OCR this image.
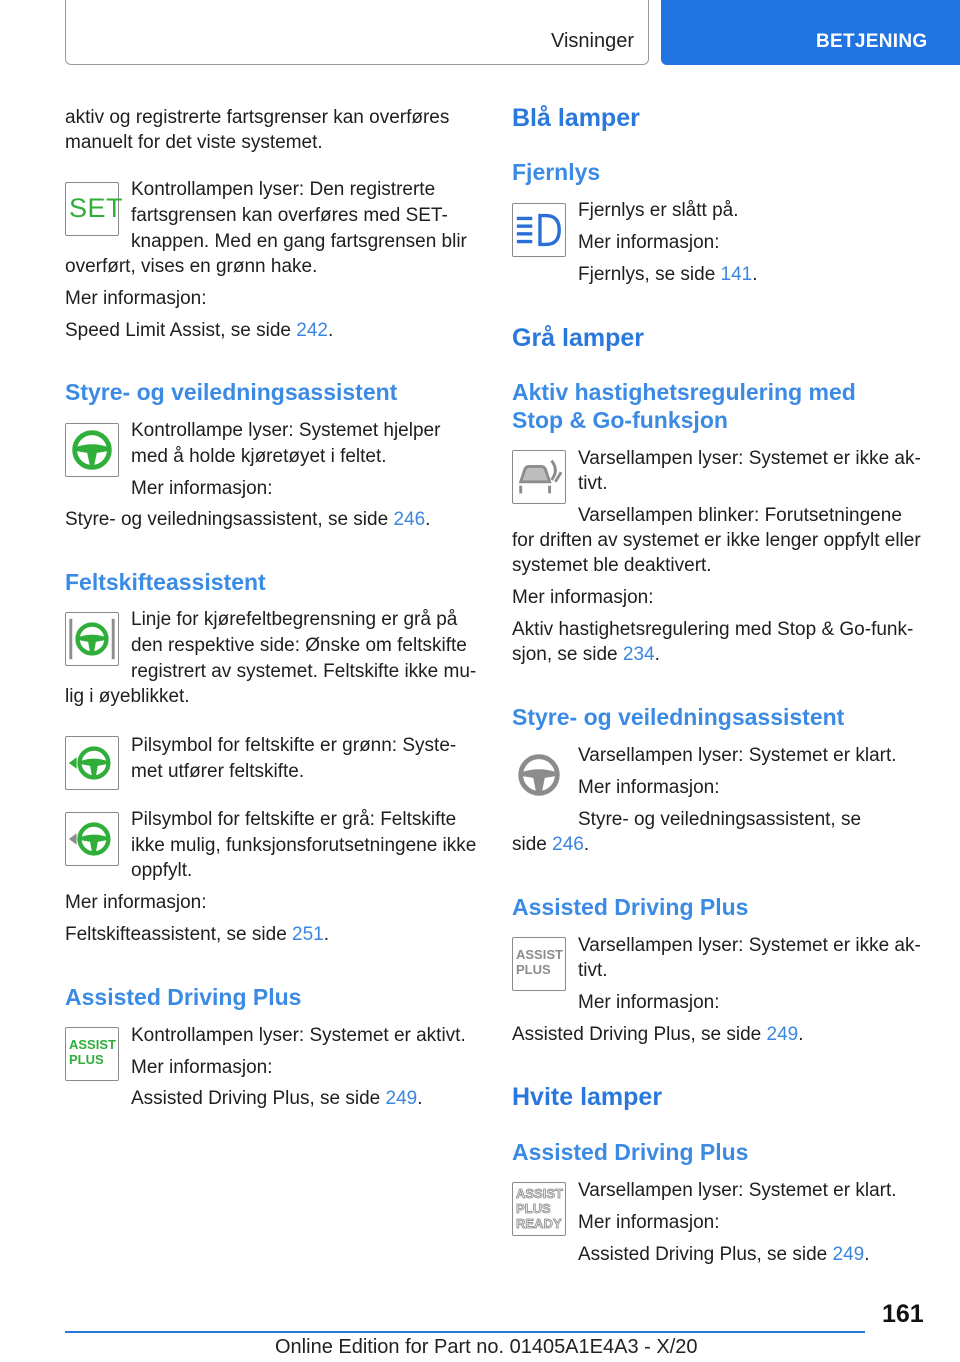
Visninger	BETJENING
aktiv og registrerte fartsgrenser kan overføres
manuelt for det viste systemet.
SET
Kontrollampen lyser: Den registrerte
fartsgrensen kan overføres med SET-
knappen. Med en gang fartsgrensen blir
overført, vises en grønn hake.
Mer informasjon:
Speed Limit Assist, se side 242.
Styre- og veiledningsassistent
Kontrollampe lyser: Systemet hjelper
med å holde kjøretøyet i feltet.
Mer informasjon:
Styre- og veiledningsassistent, se side 246.
Feltskifteassistent
Linje for kjørefeltbegrensning er grå på
den respektive side: Ønske om feltskifte
registrert av systemet. Feltskifte ikke mu-
lig i øyeblikket.
Pilsymbol for feltskifte er grønn: Syste-
met utfører feltskifte.
Pilsymbol for feltskifte er grå: Feltskifte
ikke mulig, funksjonsforutsetningene ikke
oppfylt.
Mer informasjon:
Feltskifteassistent, se side 251.
Assisted Driving Plus
ASSIST
PLUS
Kontrollampen lyser: Systemet er aktivt.
Mer informasjon:
Assisted Driving Plus, se side 249.
Blå lamper
Fjernlys
Fjernlys er slått på.
Mer informasjon:
Fjernlys, se side 141.
Grå lamper
Aktiv hastighetsregulering med
Stop & Go-funksjon
Varsellampen lyser: Systemet er ikke ak-
tivt.
Varsellampen blinker: Forutsetningene
for driften av systemet er ikke lenger oppfylt eller
systemet ble deaktivert.
Mer informasjon:
Aktiv hastighetsregulering med Stop & Go-funk-
sjon, se side 234.
Styre- og veiledningsassistent
Varsellampen lyser: Systemet er klart.
Mer informasjon:
Styre- og veiledningsassistent, se
side 246.
Assisted Driving Plus
ASSIST
PLUS
Varsellampen lyser: Systemet er ikke ak-
tivt.
Mer informasjon:
Assisted Driving Plus, se side 249.
Hvite lamper
Assisted Driving Plus
ASSIST
PLUS
READY
Varsellampen lyser: Systemet er klart.
Mer informasjon:
Assisted Driving Plus, se side 249.
161
Online Edition for Part no. 01405A1E4A3 - X/20
